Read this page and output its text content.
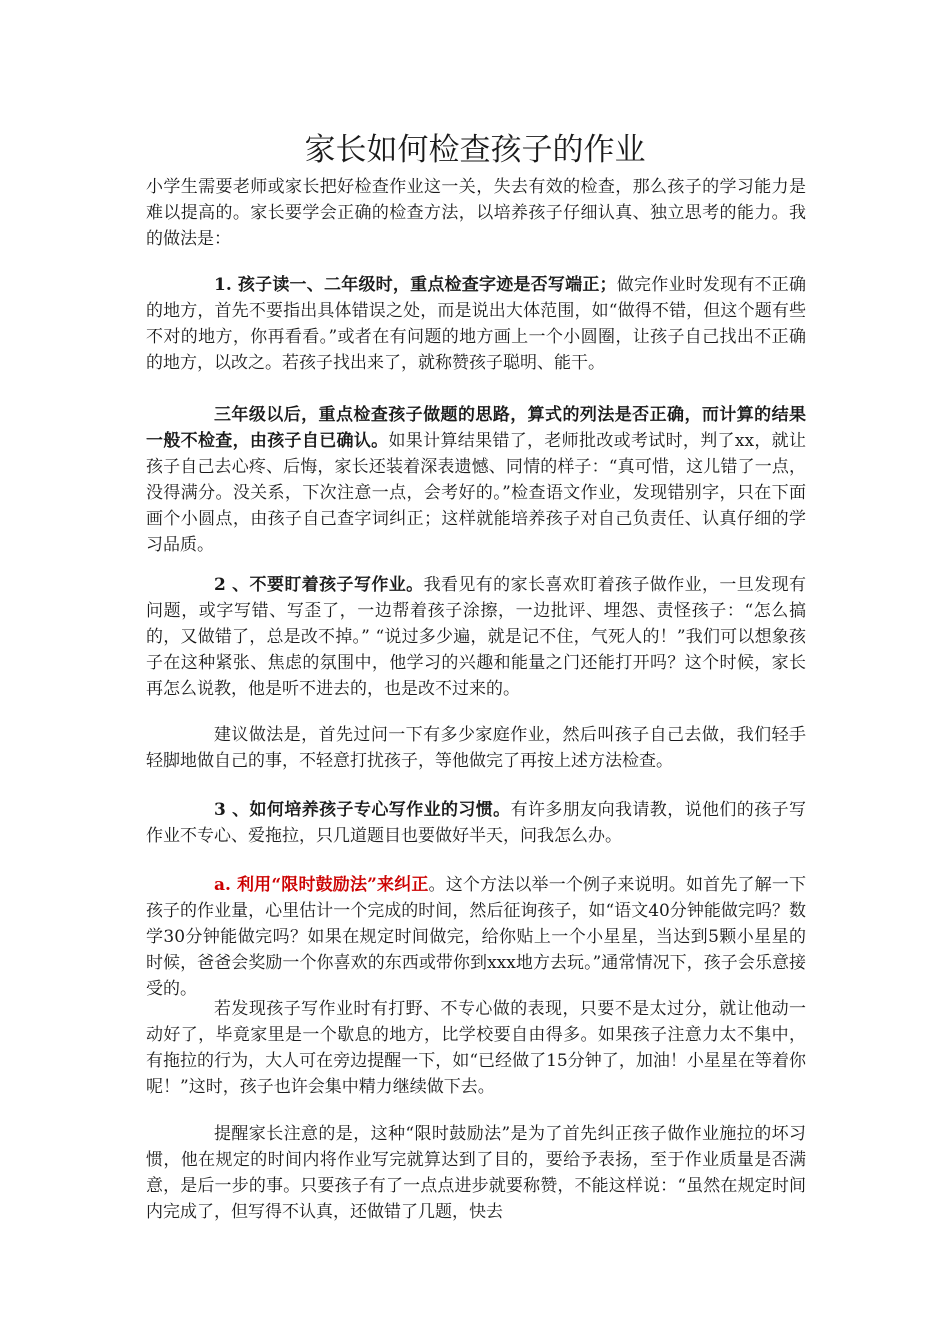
家长如何检查孩子的作业

小学生需要老师或家长把好检查作业这一关，失去有效的检查，那么孩子的学习能力是难以提高的。家长要学会正确的检查方法，以培养孩子仔细认真、独立思考的能力。我的做法是：

1. 孩子读一、二年级时，重点检查字迹是否写端正；做完作业时发现有不正确的地方，首先不要指出具体错误之处，而是说出大体范围，如“做得不错，但这个题有些不对的地方，你再看看。”或者在有问题的地方画上一个小圆圈，让孩子自己找出不正确的地方，以改之。若孩子找出来了，就称赞孩子聪明、能干。

三年级以后，重点检查孩子做题的思路，算式的列法是否正确，而计算的结果一般不检查，由孩子自已确认。如果计算结果错了，老师批改或考试时，判了xx，就让孩子自己去心疼、后悔，家长还装着深表遗憾、同情的样子：“真可惜，这儿错了一点，没得满分。没关系，下次注意一点，会考好的。”检查语文作业，发现错别字，只在下面画个小圆点，由孩子自己查字词纠正；这样就能培养孩子对自己负责任、认真仔细的学习品质。

2 、不要盯着孩子写作业。我看见有的家长喜欢盯着孩子做作业，一旦发现有问题，或字写错、写歪了，一边帮着孩子涂擦，一边批评、埋怨、责怪孩子：“怎么搞的，又做错了，总是改不掉。” “说过多少遍，就是记不住，气死人的！”我们可以想象孩子在这种紧张、焦虑的氛围中，他学习的兴趣和能量之门还能打开吗？这个时候，家长再怎么说教，他是听不进去的，也是改不过来的。

建议做法是，首先过问一下有多少家庭作业，然后叫孩子自己去做，我们轻手轻脚地做自己的事，不轻意打扰孩子，等他做完了再按上述方法检查。

3 、如何培养孩子专心写作业的习惯。有许多朋友向我请教，说他们的孩子写作业不专心、爱拖拉，只几道题目也要做好半天，问我怎么办。

a. 利用“限时鼓励法”来纠正。这个方法以举一个例子来说明。如首先了解一下孩子的作业量，心里估计一个完成的时间，然后征询孩子，如“语文40分钟能做完吗？数学30分钟能做完吗？如果在规定时间做完，给你贴上一个小星星，当达到5颗小星星的时候，爸爸会奖励一个你喜欢的东西或带你到xxx地方去玩。”通常情况下，孩子会乐意接受的。

若发现孩子写作业时有打野、不专心做的表现，只要不是太过分，就让他动一动好了，毕竟家里是一个歇息的地方，比学校要自由得多。如果孩子注意力太不集中，有拖拉的行为，大人可在旁边提醒一下，如“已经做了15分钟了，加油！小星星在等着你呢！”这时，孩子也许会集中精力继续做下去。

提醒家长注意的是，这种“限时鼓励法”是为了首先纠正孩子做作业施拉的坏习惯，他在规定的时间内将作业写完就算达到了目的，要给予表扬，至于作业质量是否满意，是后一步的事。只要孩子有了一点点进步就要称赞，不能这样说：“虽然在规定时间内完成了，但写得不认真，还做错了几题，快去
